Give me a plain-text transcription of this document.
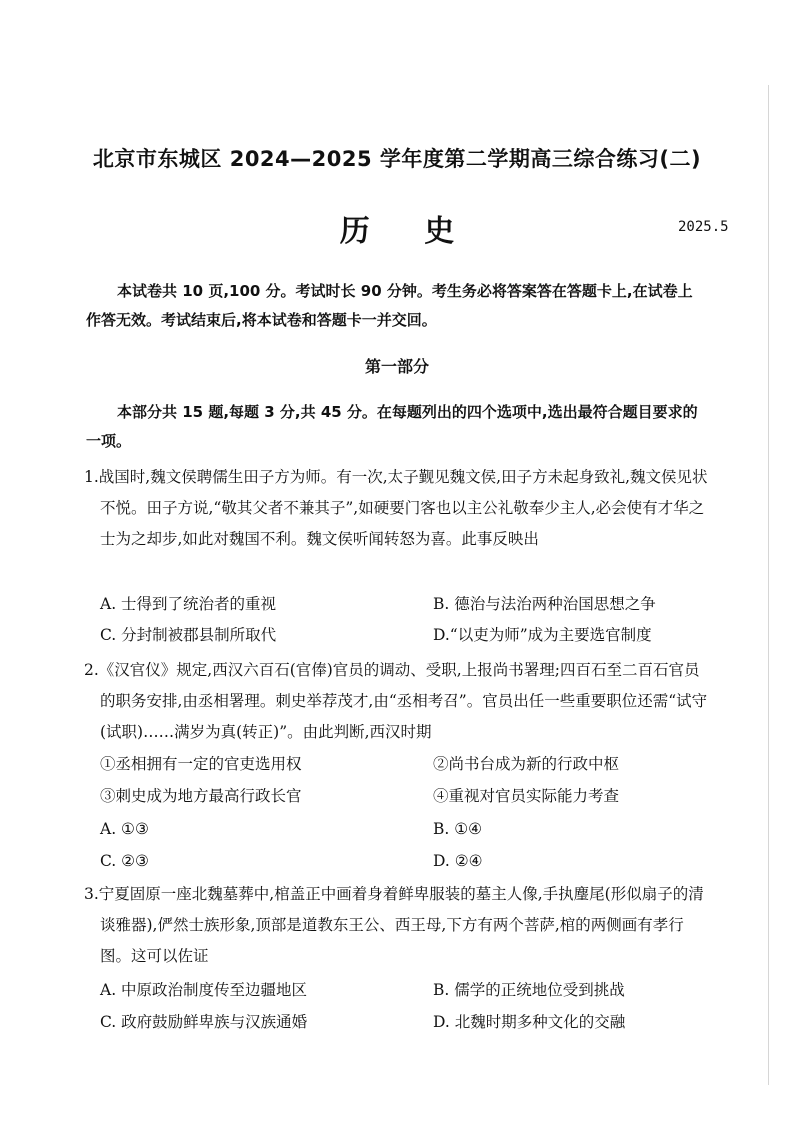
北京市东城区 2024—2025 学年度第二学期高三综合练习(二)
历 史	2025.5
本试卷共 10 页,100 分。考试时长 90 分钟。考生务必将答案答在答题卡上,在试卷上作答无效。考试结束后,将本试卷和答题卡一并交回。
第一部分
本部分共 15 题,每题 3 分,共 45 分。在每题列出的四个选项中,选出最符合题目要求的一项。
1.战国时,魏文侯聘儒生田子方为师。有一次,太子觐见魏文侯,田子方未起身致礼,魏文侯见状不悦。田子方说,“敬其父者不兼其子”,如硬要门客也以主公礼敬奉少主人,必会使有才华之士为之却步,如此对魏国不利。魏文侯听闻转怒为喜。此事反映出
A. 士得到了统治者的重视	B. 德治与法治两种治国思想之争
C. 分封制被郡县制所取代	D.“以吏为师”成为主要选官制度
2.《汉官仪》规定,西汉六百石(官俸)官员的调动、受职,上报尚书署理;四百石至二百石官员的职务安排,由丞相署理。刺史举荐茂才,由“丞相考召”。官员出任一些重要职位还需“试守(试职)……满岁为真(转正)”。由此判断,西汉时期
①丞相拥有一定的官吏选用权	②尚书台成为新的行政中枢
③刺史成为地方最高行政长官	④重视对官员实际能力考查
A. ①③	B. ①④
C. ②③	D. ②④
3.宁夏固原一座北魏墓葬中,棺盖正中画着身着鲜卑服装的墓主人像,手执麈尾(形似扇子的清谈雅器),俨然士族形象,顶部是道教东王公、西王母,下方有两个菩萨,棺的两侧画有孝行图。这可以佐证
A. 中原政治制度传至边疆地区	B. 儒学的正统地位受到挑战
C. 政府鼓励鲜卑族与汉族通婚	D. 北魏时期多种文化的交融
